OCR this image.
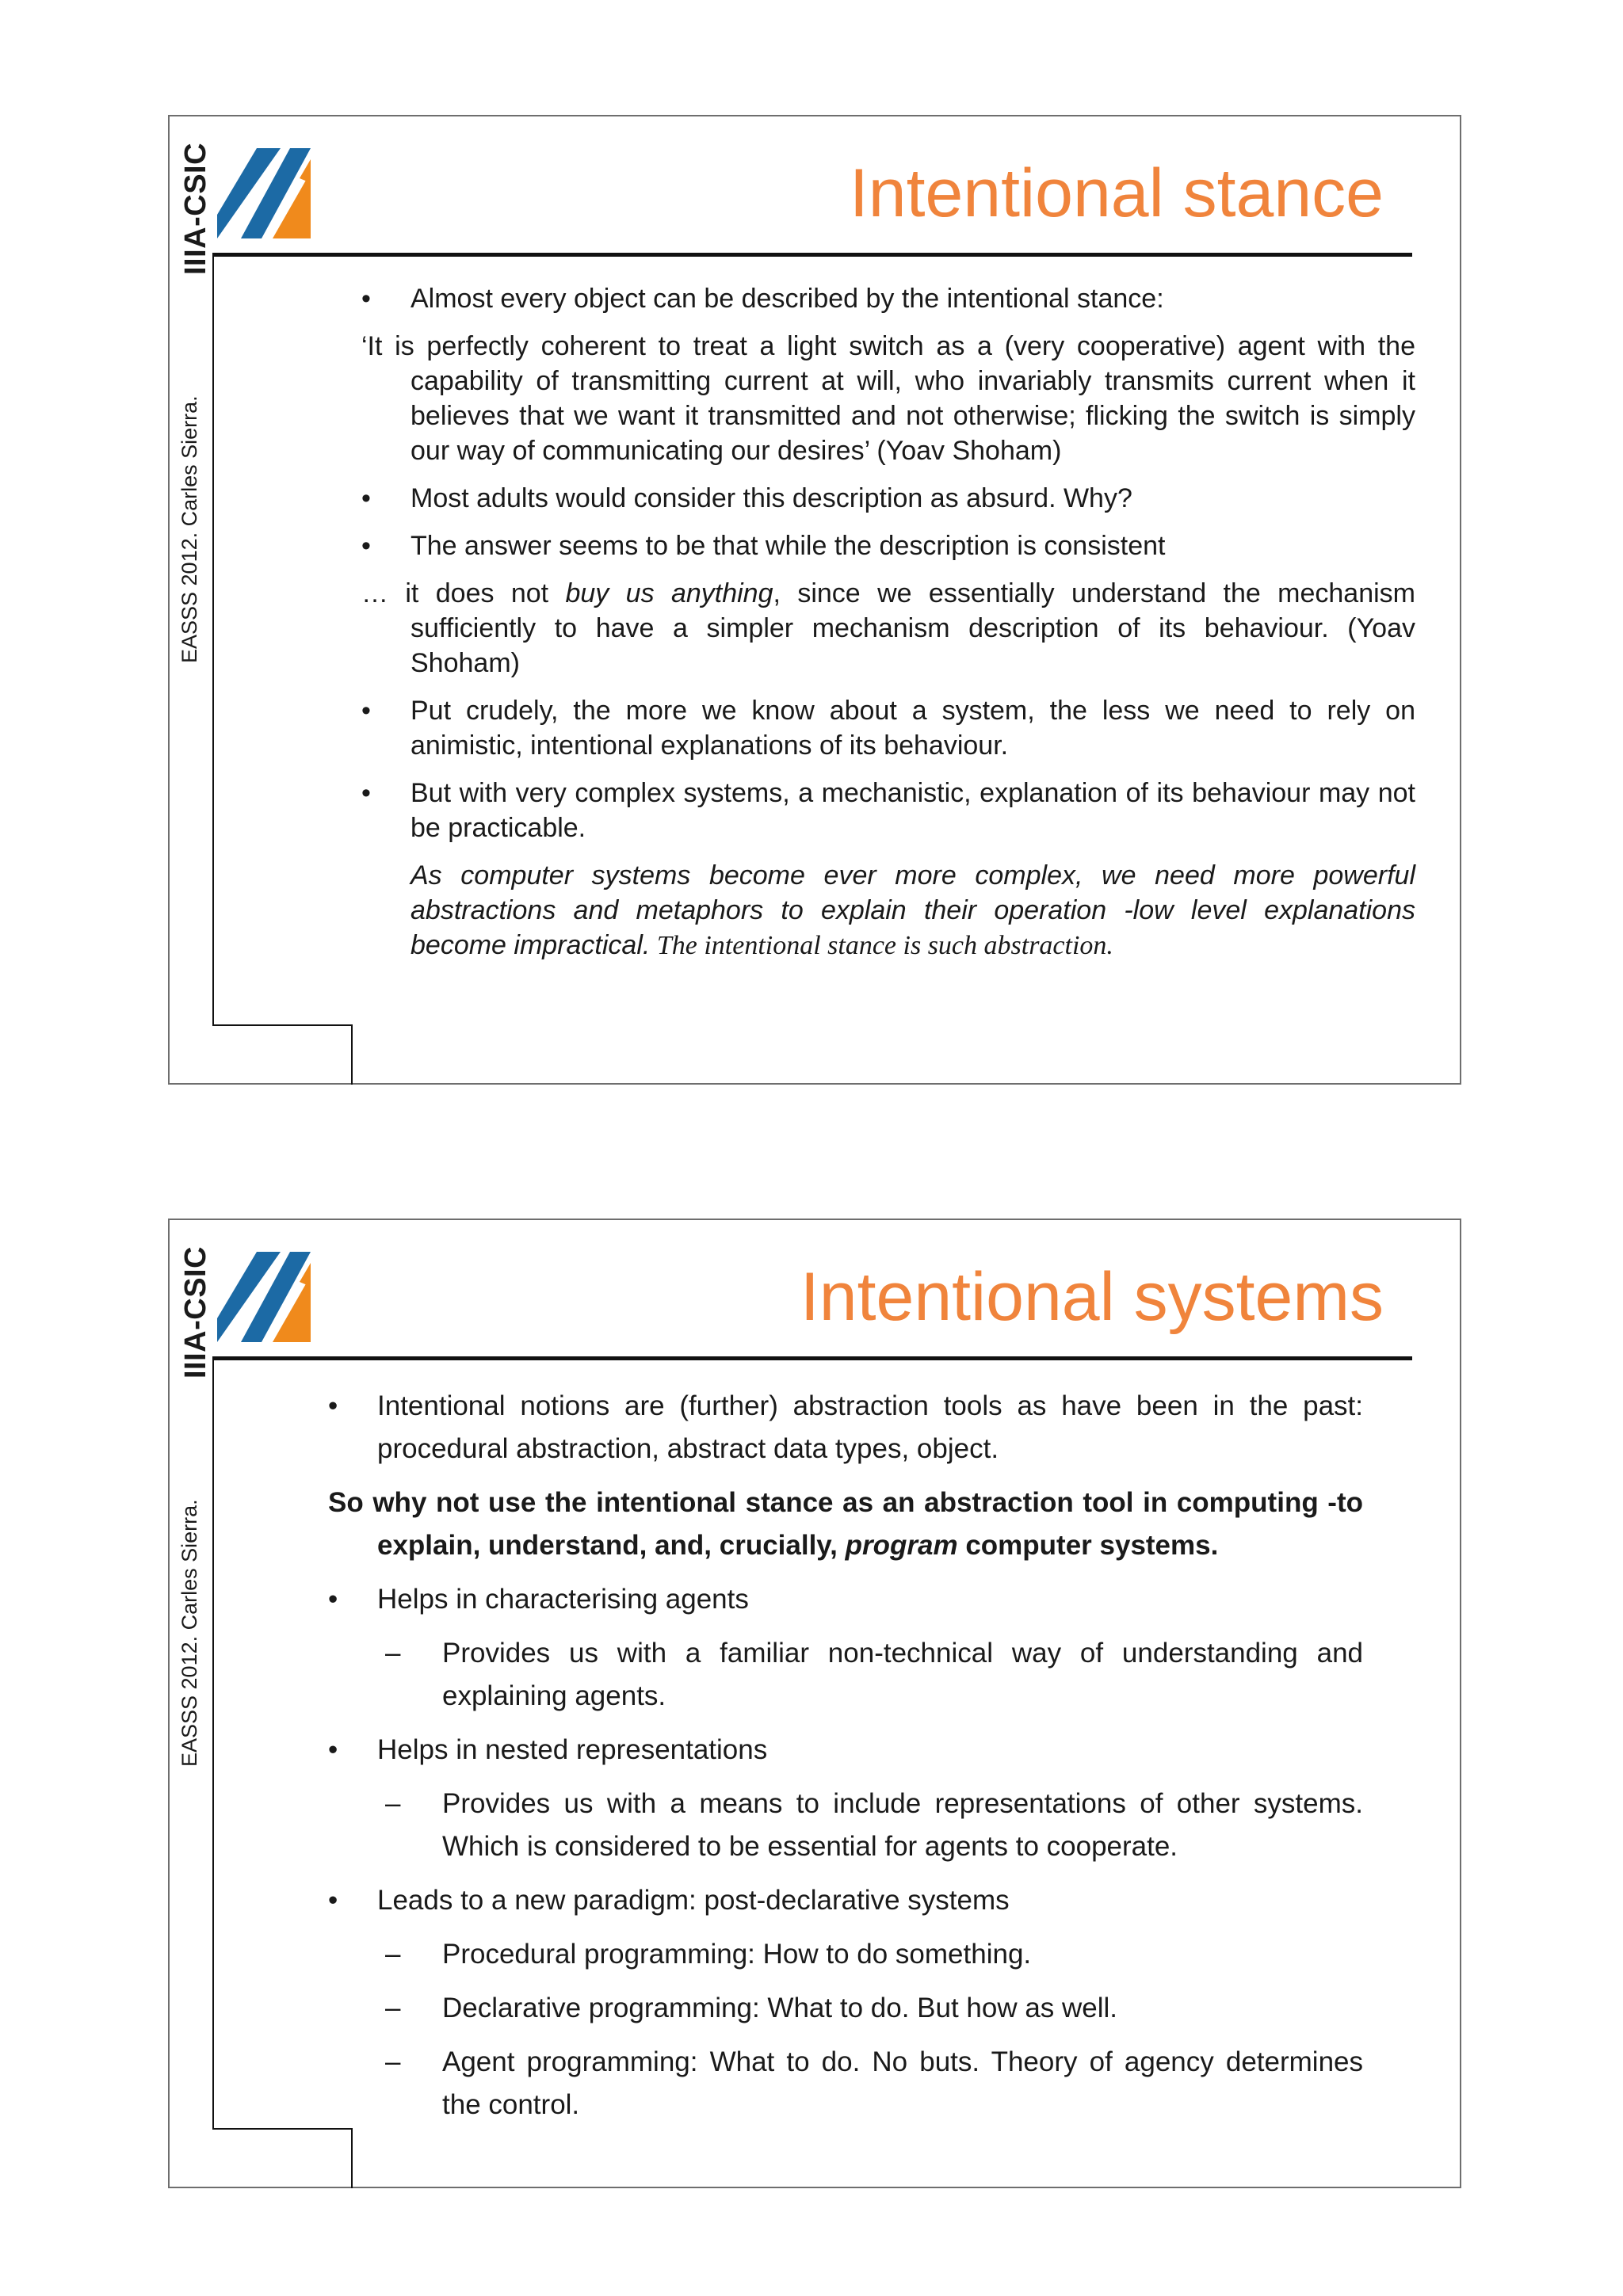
IIIA-CSIC
EASSS 2012. Carles Sierra.
Intentional stance
• Almost every object can be described by the intentional stance:
‘It is perfectly coherent to treat a light switch as a (very cooperative) agent with the capability of transmitting current at will, who invariably transmits current when it believes that we want it transmitted and not otherwise; flicking the switch is simply our way of communicating our desires’ (Yoav Shoham)
• Most adults would consider this description as absurd. Why?
• The answer seems to be that while the description is consistent
… it does not buy us anything, since we essentially understand the mechanism sufficiently to have a simpler mechanism description of its behaviour. (Yoav Shoham)
• Put crudely, the more we know about a system, the less we need to rely on animistic, intentional explanations of its behaviour.
• But with very complex systems, a mechanistic, explanation of its behaviour may not be practicable.
As computer systems become ever more complex, we need more powerful abstractions and metaphors to explain their operation -low level explanations become impractical. The intentional stance is such abstraction.
IIIA-CSIC
EASSS 2012. Carles Sierra.
Intentional systems
• Intentional notions are (further) abstraction tools as have been in the past: procedural abstraction, abstract data types, object.
So why not use the intentional stance as an abstraction tool in computing -to explain, understand, and, crucially, program computer systems.
• Helps in characterising agents
– Provides us with a familiar non-technical way of understanding and explaining agents.
• Helps in nested representations
– Provides us with a means to include representations of other systems. Which is considered to be essential for agents to cooperate.
• Leads to a new paradigm: post-declarative systems
– Procedural programming: How to do something.
– Declarative programming: What to do. But how as well.
– Agent programming: What to do. No buts. Theory of agency determines the control.
